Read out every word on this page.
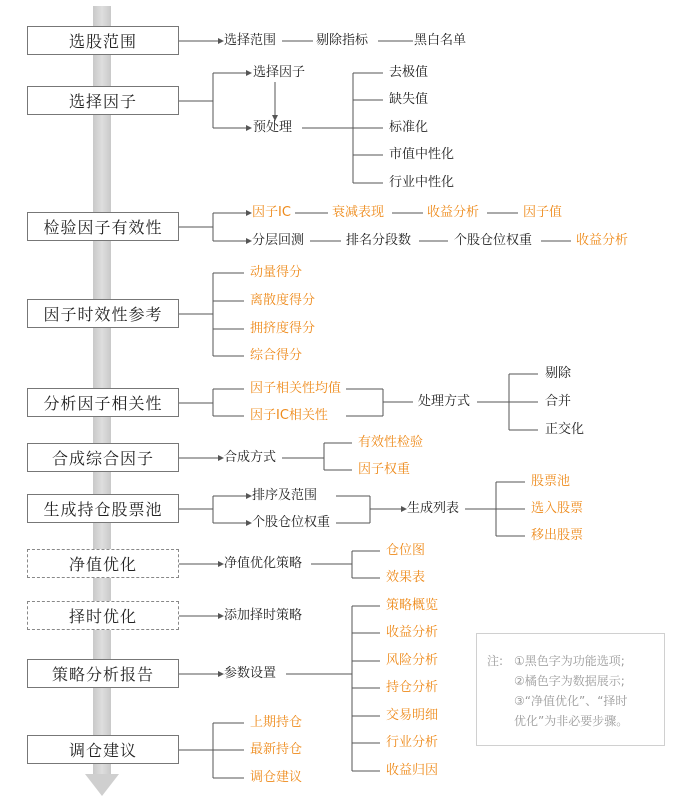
选股范围
选择因子
检验因子有效性
因子时效性参考
分析因子相关性
合成综合因子
生成持仓股票池
净值优化
择时优化
策略分析报告
调仓建议
选择范围	剔除指标	黑白名单
选择因子
预处理
去极值
缺失值
标准化
市值中性化
行业中性化
因子IC	衰减表现	收益分析	因子值
分层回测	排名分段数	个股仓位权重	收益分析
动量得分
离散度得分
拥挤度得分
综合得分
因子相关性均值
因子IC相关性
处理方式
剔除
合并
正交化
合成方式
有效性检验
因子权重
排序及范围
个股仓位权重
生成列表
股票池
选入股票
移出股票
净值优化策略
仓位图
效果表
添加择时策略
参数设置
策略概览
收益分析
风险分析
持仓分析
交易明细
行业分析
收益归因
上期持仓
最新持仓
调仓建议
注: ①黑色字为功能选项;
②橘色字为数据展示;
③“净值优化”、“择时
优化”为非必要步骤。
